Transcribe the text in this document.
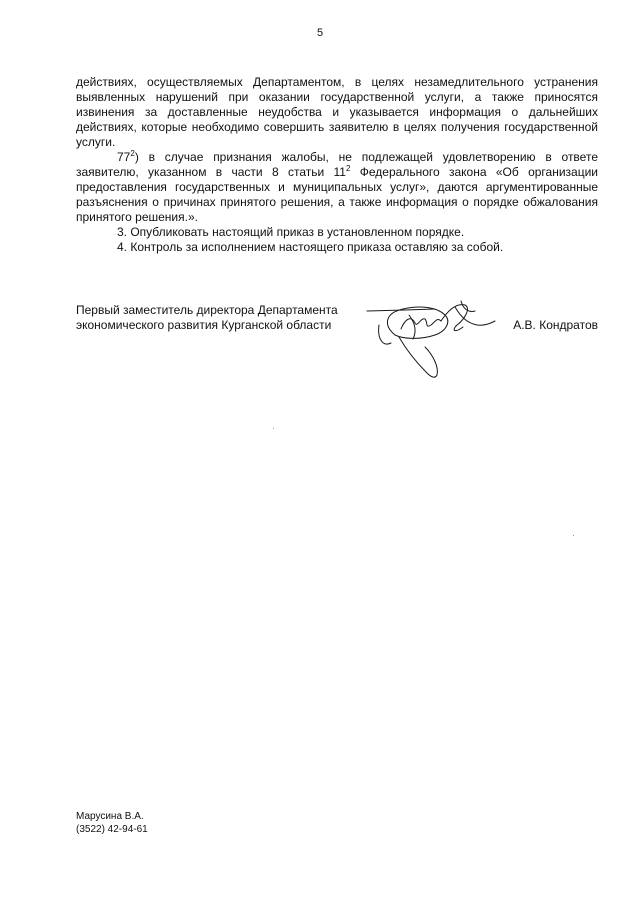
5

действиях, осуществляемых Департаментом, в целях незамедлительного устранения выявленных нарушений при оказании государственной услуги, а также приносятся извинения за доставленные неудобства и указывается информация о дальнейших действиях, которые необходимо совершить заявителю в целях получения государственной услуги.

$77^2$) в случае признания жалобы, не подлежащей удовлетворению в ответе заявителю, указанном в части 8 статьи $11^2$ Федерального закона «Об организации предоставления государственных и муниципальных услуг», даются аргументированные разъяснения о причинах принятого решения, а также информация о порядке обжалования принятого решения.».

3. Опубликовать настоящий приказ в установленном порядке.

4. Контроль за исполнением настоящего приказа оставляю за собой.

Первый заместитель директора Департамента
экономического развития Курганской области	А.В. Кондратов
Марусина В.А.
(3522) 42-94-61
